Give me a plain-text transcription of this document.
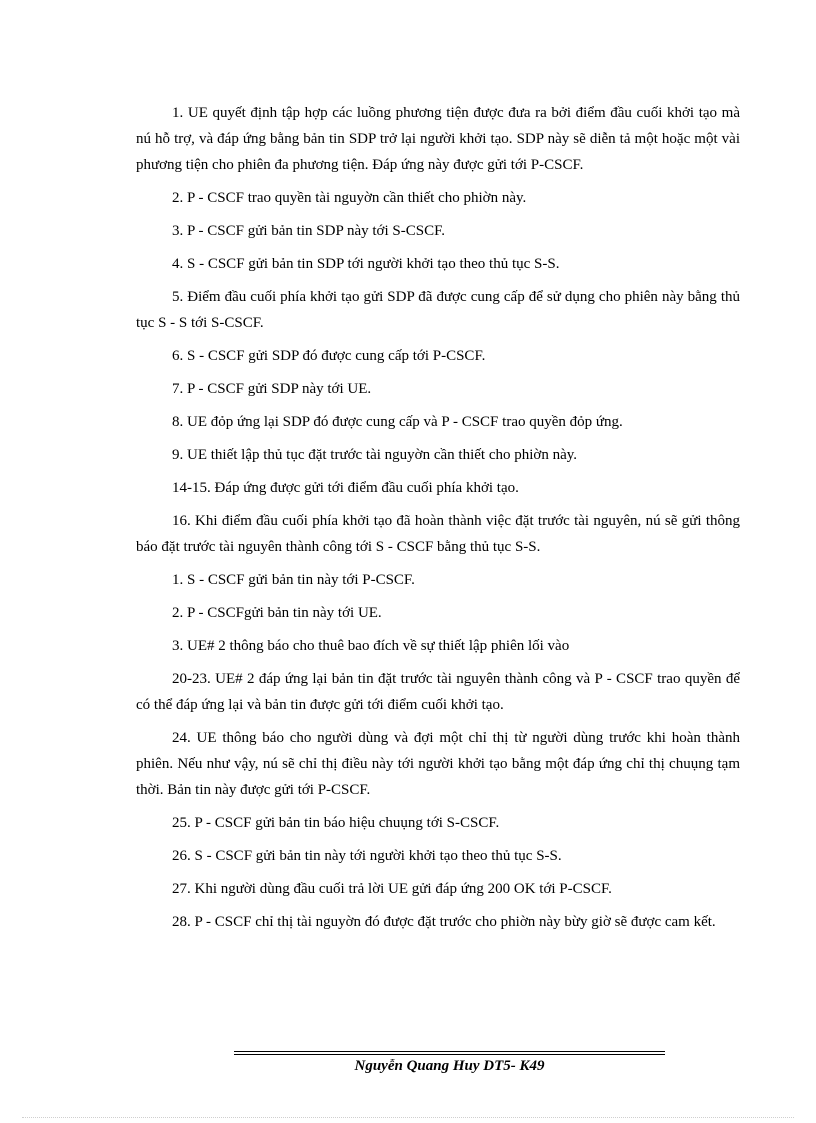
1. UE quyết định tập hợp các luồng phương tiện được đưa ra bởi điểm đầu cuối khởi tạo mà nú hỗ trợ, và đáp ứng bằng bản tin SDP trở lại người khởi tạo. SDP này sẽ diễn tả một hoặc một vài phương tiện cho phiên đa phương tiện. Đáp ứng này được gửi tới P-CSCF.

2. P - CSCF trao quyền tài nguyờn cần thiết cho phiờn này.

3. P - CSCF gửi bản tin SDP này tới S-CSCF.

4. S - CSCF gửi bản tin SDP tới người khởi tạo theo thủ tục S-S.

5. Điểm đầu cuối phía khởi tạo gửi SDP đã được cung cấp để sử dụng cho phiên này bằng thủ tục S - S tới S-CSCF.

6. S - CSCF gửi SDP đó được cung cấp tới P-CSCF.

7. P - CSCF gửi SDP này tới UE.

8. UE đỏp ứng lại SDP đó được cung cấp và P - CSCF trao quyền đỏp ứng.

9. UE thiết lập thủ tục đặt trước tài nguyờn cần thiết cho phiờn này.

14-15. Đáp ứng được gửi tới điểm đầu cuối phía khởi tạo.

16. Khi điểm đầu cuối phía khởi tạo đã hoàn thành việc đặt trước tài nguyên, nú sẽ gửi thông báo đặt trước tài nguyên thành công tới S - CSCF bằng thủ tục S-S.

1. S - CSCF gửi bản tin này tới P-CSCF.

2. P - CSCFgửi bản tin này tới UE.

3. UE# 2 thông báo cho thuê bao đích về sự thiết lập phiên lối vào

20-23. UE# 2 đáp ứng lại bản tin đặt trước tài nguyên thành công và P - CSCF trao quyền để có thể đáp ứng lại và bản tin được gửi tới điểm cuối khởi tạo.

24. UE thông báo cho người dùng và đợi một chỉ thị từ người dùng trước khi hoàn thành phiên. Nếu như vậy, nú sẽ chỉ thị điều này tới người khởi tạo bằng một đáp ứng chỉ thị chuụng tạm thời. Bản tin này được gửi tới P-CSCF.

25. P - CSCF gửi bản tin báo hiệu chuụng tới S-CSCF.

26. S - CSCF gửi bản tin này tới người khởi tạo theo thủ tục S-S.

27. Khi người dùng đầu cuối trả lời UE gửi đáp ứng 200 OK tới P-CSCF.

28. P - CSCF chỉ thị tài nguyờn đó được đặt trước cho phiờn này bừy giờ sẽ được cam kết.

Nguyễn Quang Huy DT5- K49
